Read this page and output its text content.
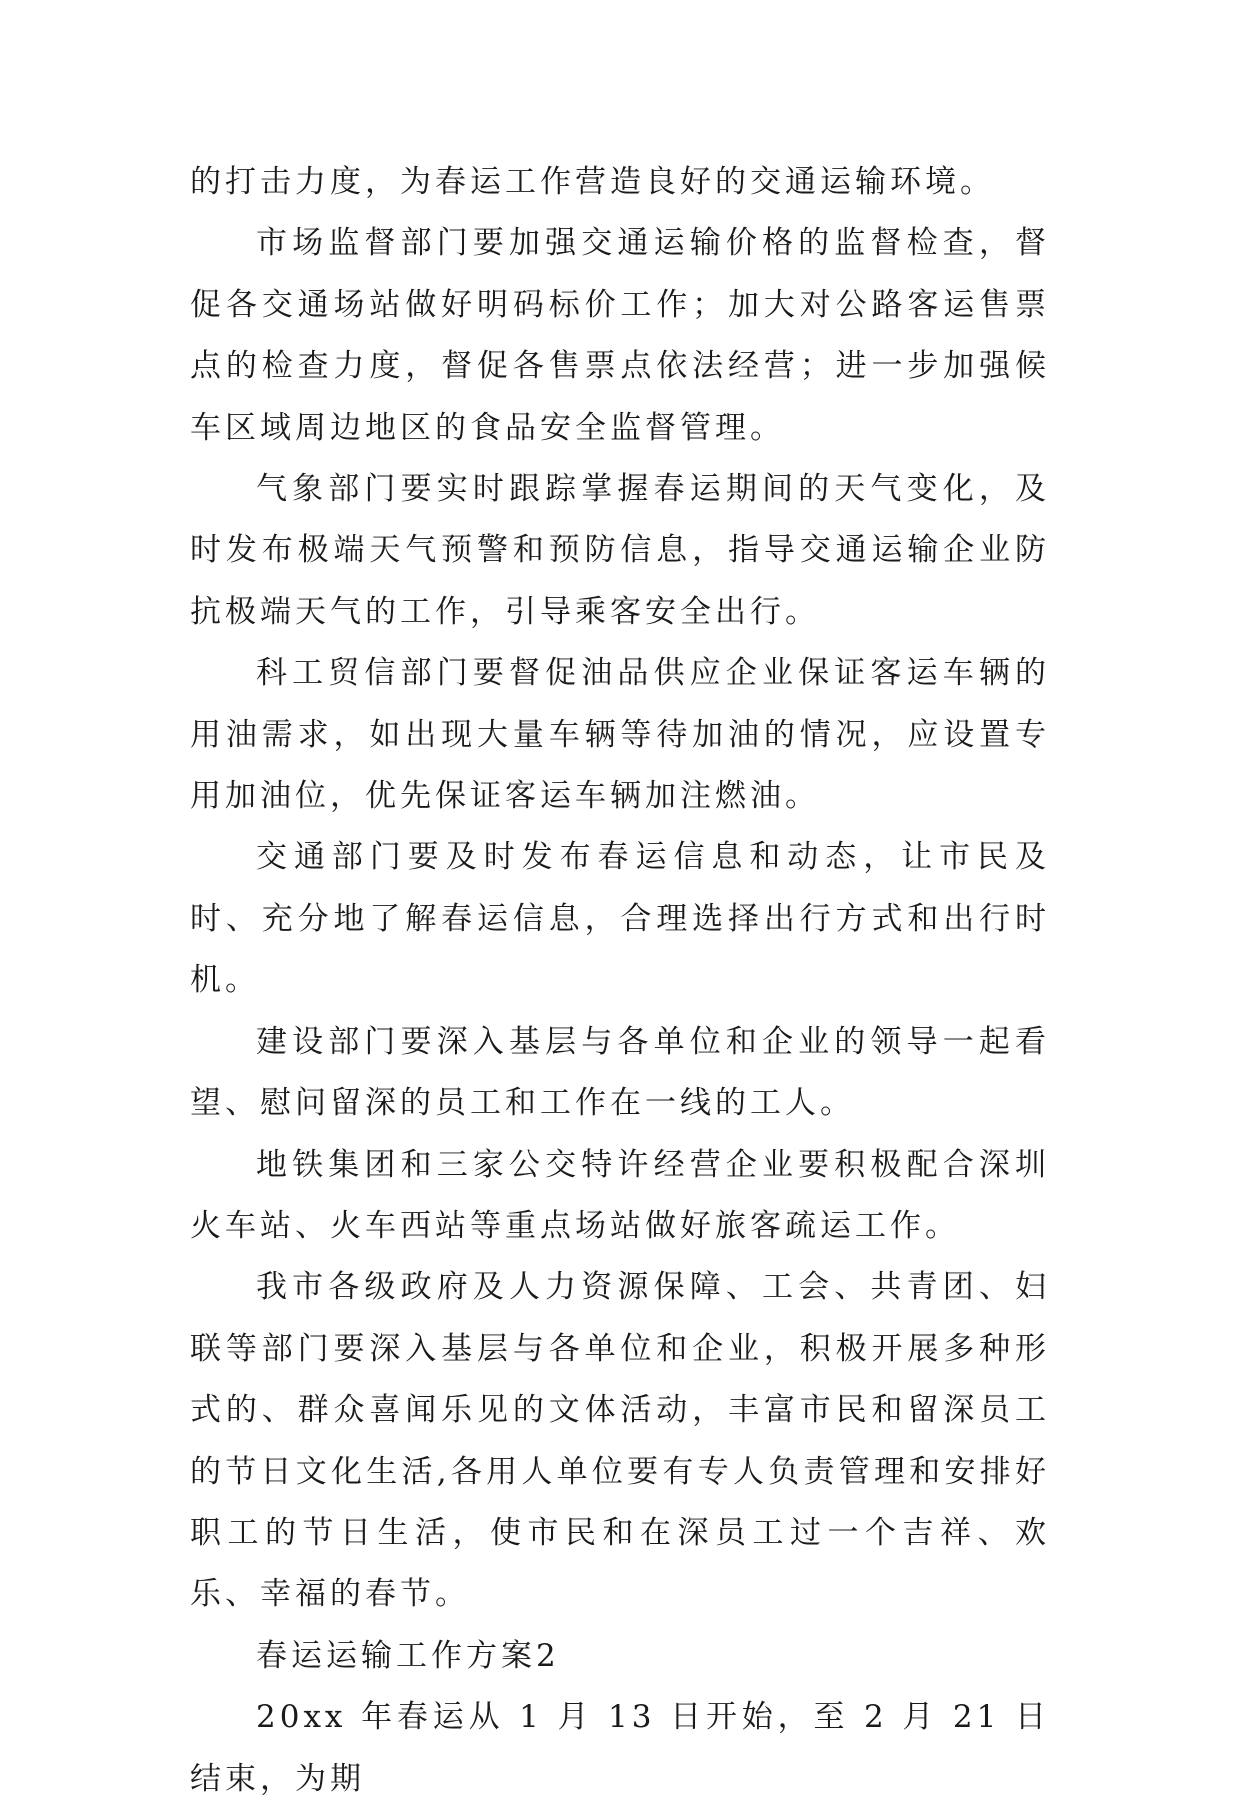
的打击力度，为春运工作营造良好的交通运输环境。

市场监督部门要加强交通运输价格的监督检查，督促各交通场站做好明码标价工作；加大对公路客运售票点的检查力度，督促各售票点依法经营；进一步加强候车区域周边地区的食品安全监督管理。

气象部门要实时跟踪掌握春运期间的天气变化，及时发布极端天气预警和预防信息，指导交通运输企业防抗极端天气的工作，引导乘客安全出行。

科工贸信部门要督促油品供应企业保证客运车辆的用油需求，如出现大量车辆等待加油的情况，应设置专用加油位，优先保证客运车辆加注燃油。

交通部门要及时发布春运信息和动态，让市民及时、充分地了解春运信息，合理选择出行方式和出行时机。

建设部门要深入基层与各单位和企业的领导一起看望、慰问留深的员工和工作在一线的工人。

地铁集团和三家公交特许经营企业要积极配合深圳火车站、火车西站等重点场站做好旅客疏运工作。

我市各级政府及人力资源保障、工会、共青团、妇联等部门要深入基层与各单位和企业，积极开展多种形式的、群众喜闻乐见的文体活动，丰富市民和留深员工的节日文化生活,各用人单位要有专人负责管理和安排好职工的节日生活，使市民和在深员工过一个吉祥、欢乐、幸福的春节。

春运运输工作方案2

20xx 年春运从 1 月 13 日开始，至 2 月 21 日结束，为期
